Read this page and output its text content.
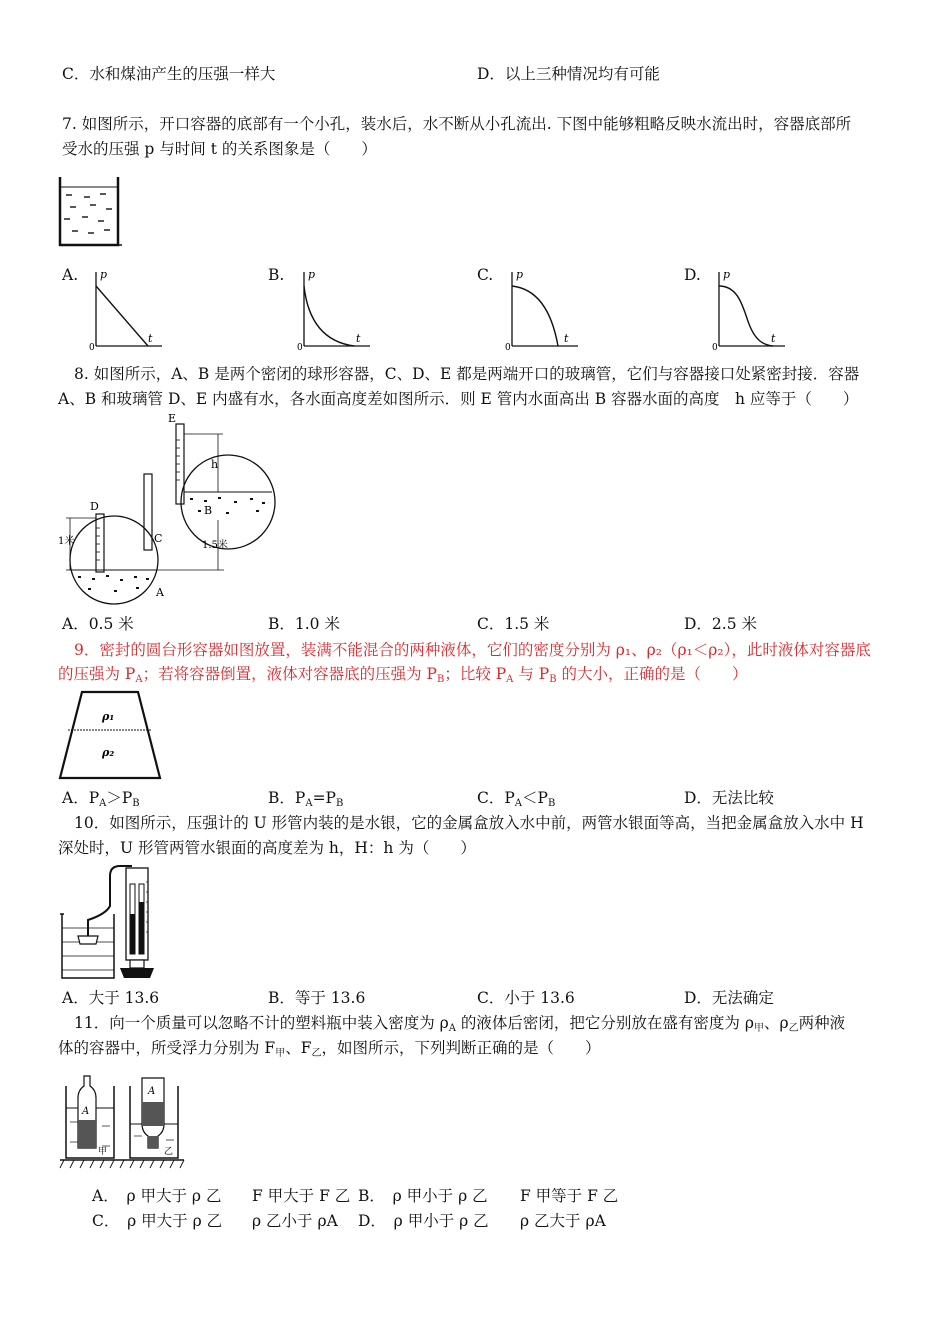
C．水和煤油产生的压强一样大	D．以上三种情况均有可能
7. 如图所示，开口容器的底部有一个小孔，装水后，水不断从小孔流出. 下图中能够粗略反映水流出时，容器底部所
受水的压强 p 与时间 t 的关系图象是（　　）
A.	B.	C.	D.
p
t
0
p
t
0
p
t
0
p
t
0
8. 如图所示，A、B 是两个密闭的球形容器，C、D、E 都是两端开口的玻璃管，它们与容器接口处紧密封接．容器
A、B 和玻璃管 D、E 内盛有水，各水面高度差如图所示．则 E 管内水面高出 B 容器水面的高度　h 应等于（　　）
E
h
B
C
A
D
1米	1.5米
A．0.5 米	B．1.0 米	C．1.5 米	D．2.5 米
9．密封的圆台形容器如图放置，装满不能混合的两种液体，它们的密度分别为 ρ₁、ρ₂（ρ₁＜ρ₂），此时液体对容器底
的压强为 $P_A$；若将容器倒置，液体对容器底的压强为 $P_B$；比较 $P_A$ 与 $P_B$ 的大小，正确的是（　　）
ρ₁
ρ₂
A．$P_A>P_B$	B．$P_A=P_B$	C．$P_A<P_B$	D．无法比较
10．如图所示，压强计的 U 形管内装的是水银，它的金属盒放入水中前，两管水银面等高，当把金属盒放入水中 H
深处时，U 形管两管水银面的高度差为 h，H：h 为（　　）
A．大于 13.6	B．等于 13.6	C．小于 13.6	D．无法确定
11．向一个质量可以忽略不计的塑料瓶中装入密度为 $\rho_A$ 的液体后密闭，把它分别放在盛有密度为 $\rho_甲$、$\rho_乙$两种液
体的容器中，所受浮力分别为 $F_甲$、$F_乙$，如图所示，下列判断正确的是（　　）
A
甲
A
乙
A．　ρ 甲大于 ρ 乙 F 甲大于 F 乙 B．　ρ 甲小于 ρ 乙 F 甲等于 F 乙
C．　ρ 甲大于 ρ 乙 ρ 乙小于 ρA D．　ρ 甲小于 ρ 乙 ρ 乙大于 ρA
